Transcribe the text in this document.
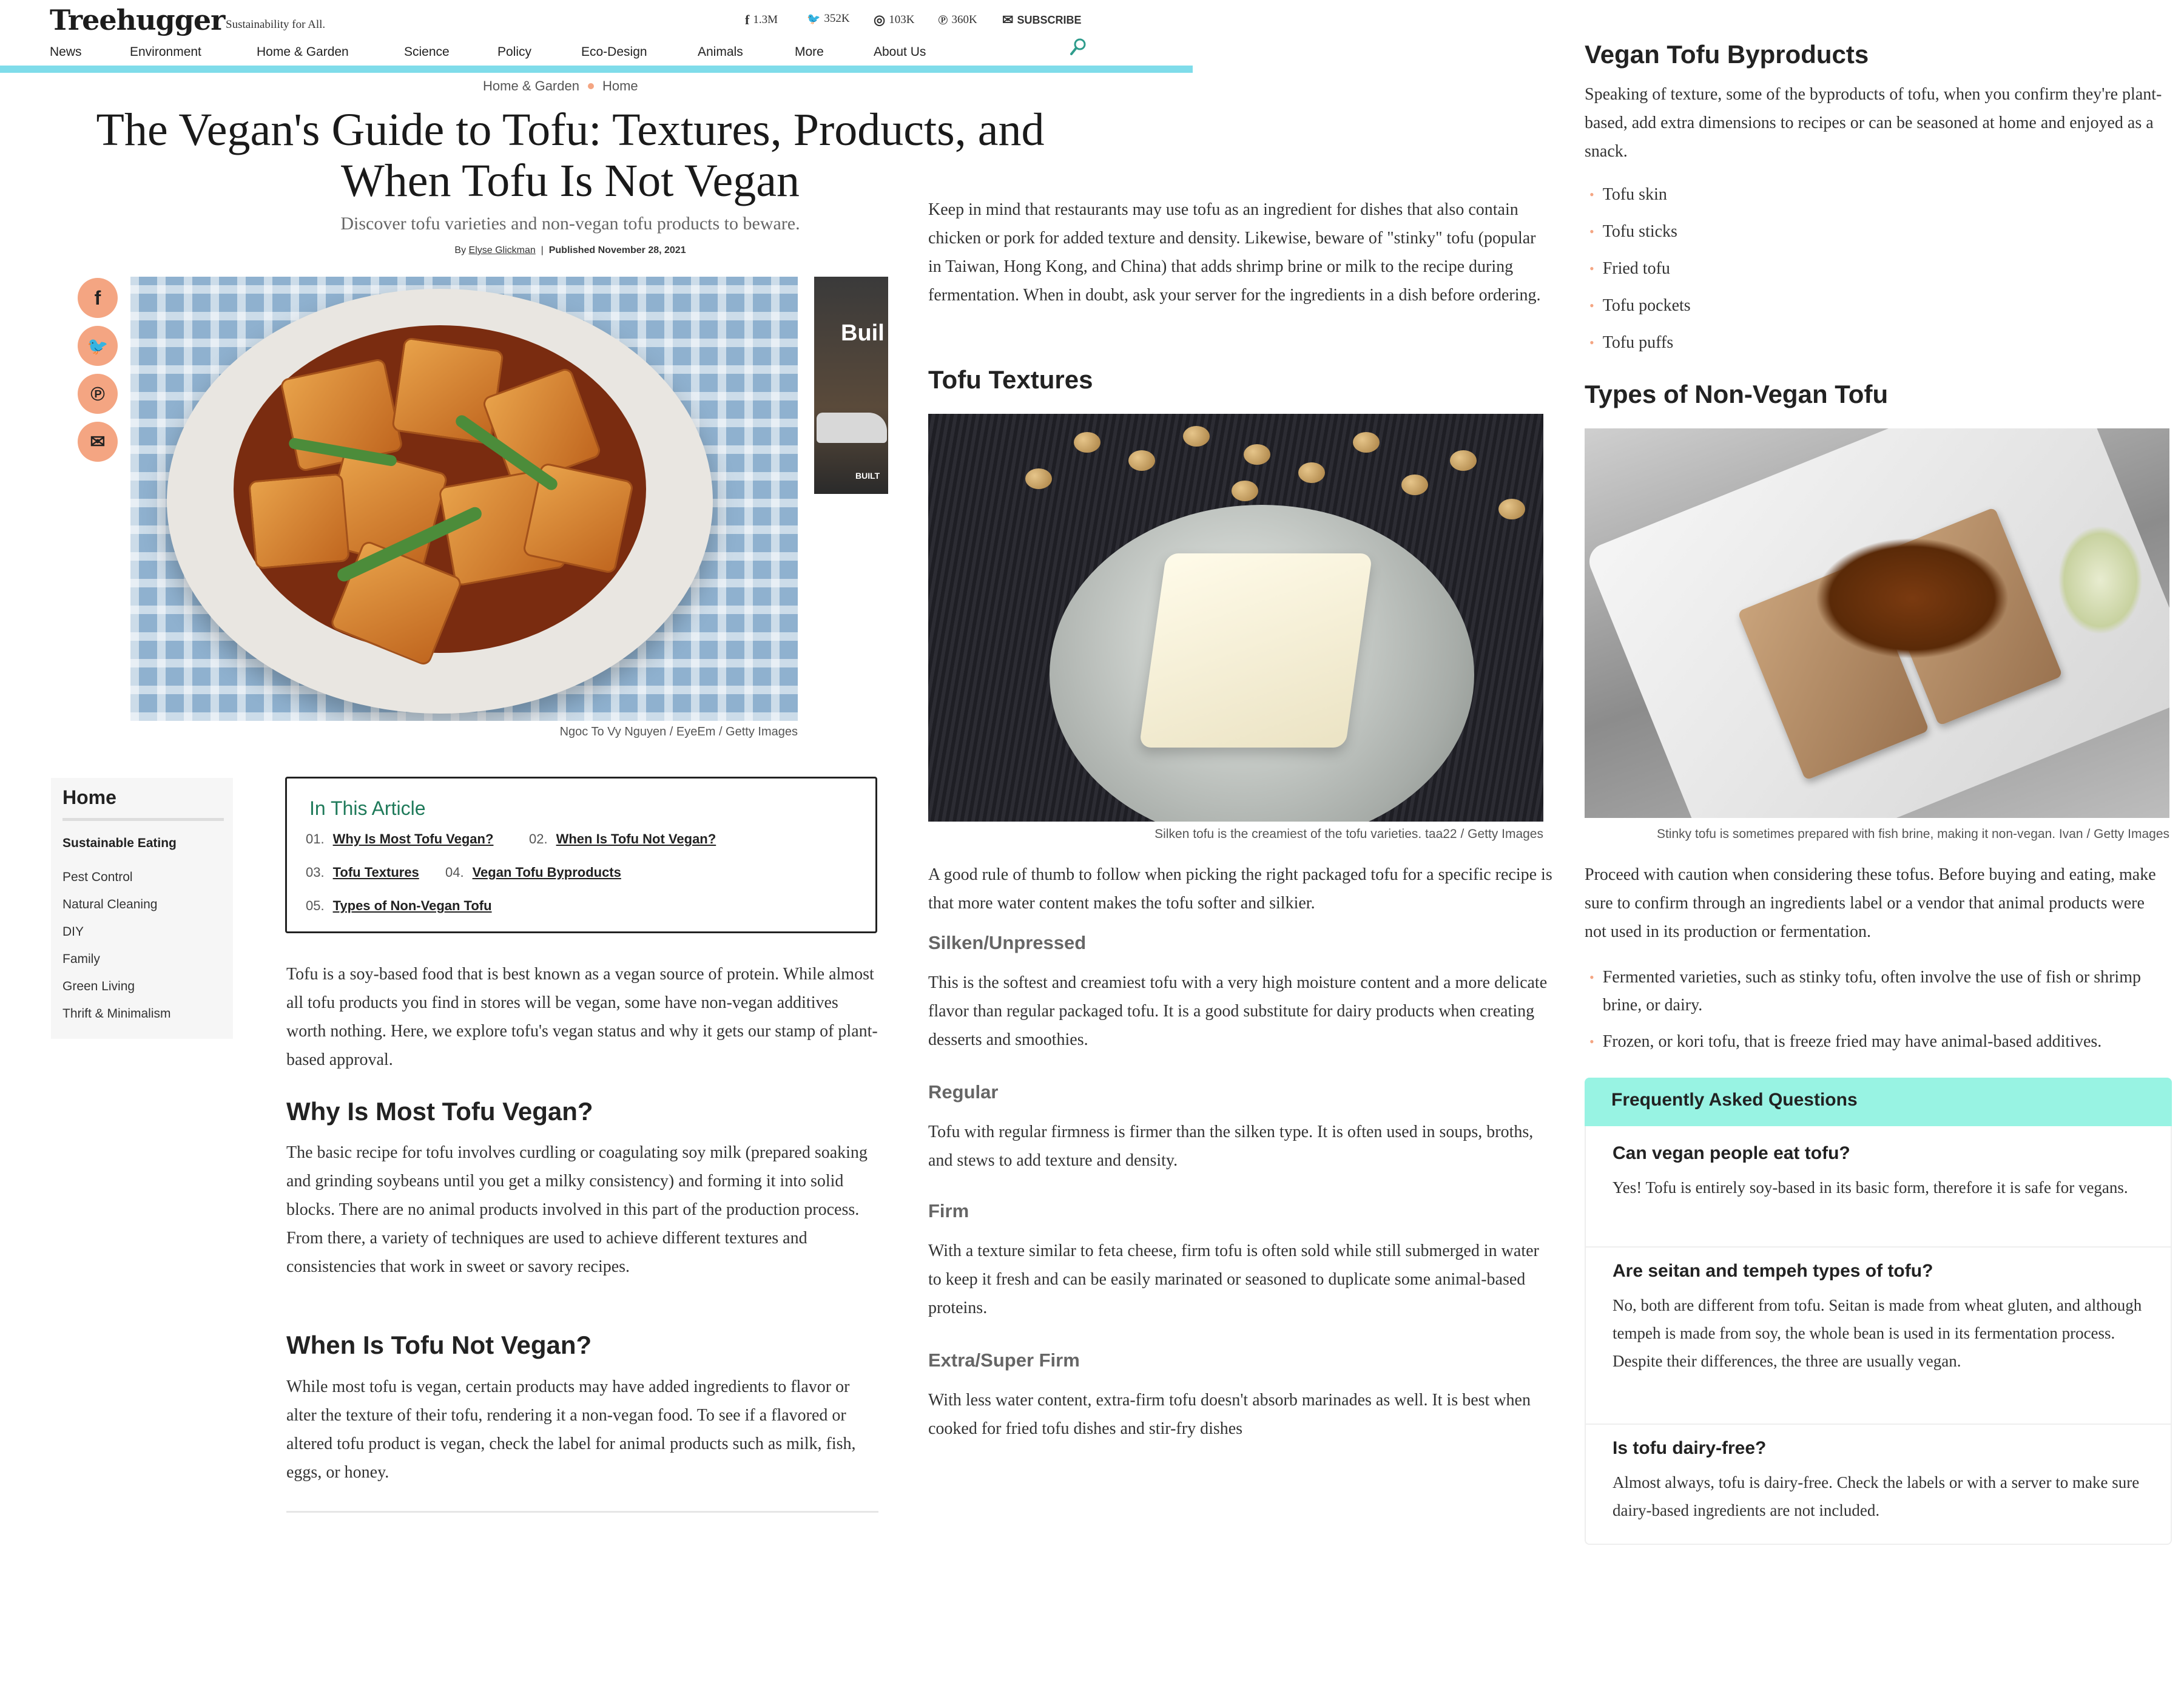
Treehugger Sustainability for All.	f 1.3M	🐦 352K ◎ 103K ℗ 360K ✉ SUBSCRIBE
News	Environment	Home & Garden	Science	Policy	Eco-Design	Animals	More	About Us
Home & Garden Home
The Vegan's Guide to Tofu: Textures, Products, and When Tofu Is Not Vegan
Discover tofu varieties and non-vegan tofu products to beware.
By Elyse Glickman  |  Published November 28, 2021
f
🐦
℗
✉
Ngoc To Vy Nguyen / EyeEm / Getty Images
Buil
BUILT
Home
Sustainable Eating
Pest Control
Natural Cleaning
DIY
Family
Green Living
Thrift & Minimalism
In This Article
01. Why Is Most Tofu Vegan?	02. When Is Tofu Not Vegan?
03. Tofu Textures 04. Vegan Tofu Byproducts
05. Types of Non-Vegan Tofu
Tofu is a soy-based food that is best known as a vegan source of protein. While almost all tofu products you find in stores will be vegan, some have non-vegan additives worth nothing. Here, we explore tofu's vegan status and why it gets our stamp of plant-based approval.
Why Is Most Tofu Vegan?
The basic recipe for tofu involves curdling or coagulating soy milk (prepared soaking and grinding soybeans until you get a milky consistency) and forming it into solid blocks. There are no animal products involved in this part of the production process. From there, a variety of techniques are used to achieve different textures and consistencies that work in sweet or savory recipes.
When Is Tofu Not Vegan?
While most tofu is vegan, certain products may have added ingredients to flavor or alter the texture of their tofu, rendering it a non-vegan food. To see if a flavored or altered tofu product is vegan, check the label for animal products such as milk, fish, eggs, or honey.
Keep in mind that restaurants may use tofu as an ingredient for dishes that also contain chicken or pork for added texture and density. Likewise, beware of "stinky" tofu (popular in Taiwan, Hong Kong, and China) that adds shrimp brine or milk to the recipe during fermentation. When in doubt, ask your server for the ingredients in a dish before ordering.
Tofu Textures
Silken tofu is the creamiest of the tofu varieties. taa22 / Getty Images
A good rule of thumb to follow when picking the right packaged tofu for a specific recipe is that more water content makes the tofu softer and silkier.
Silken/Unpressed
This is the softest and creamiest tofu with a very high moisture content and a more delicate flavor than regular packaged tofu. It is a good substitute for dairy products when creating desserts and smoothies.
Regular
Tofu with regular firmness is firmer than the silken type. It is often used in soups, broths, and stews to add texture and density.
Firm
With a texture similar to feta cheese, firm tofu is often sold while still submerged in water to keep it fresh and can be easily marinated or seasoned to duplicate some animal-based proteins.
Extra/Super Firm
With less water content, extra-firm tofu doesn't absorb marinades as well. It is best when cooked for fried tofu dishes and stir-fry dishes
Vegan Tofu Byproducts
Speaking of texture, some of the byproducts of tofu, when you confirm they're plant-based, add extra dimensions to recipes or can be seasoned at home and enjoyed as a snack.
• Tofu skin
• Tofu sticks
• Fried tofu
• Tofu pockets
• Tofu puffs
Types of Non-Vegan Tofu
Stinky tofu is sometimes prepared with fish brine, making it non-vegan. Ivan / Getty Images
Proceed with caution when considering these tofus. Before buying and eating, make sure to confirm through an ingredients label or a vendor that animal products were not used in its production or fermentation.
• Fermented varieties, such as stinky tofu, often involve the use of fish or shrimp brine, or dairy.
• Frozen, or kori tofu, that is freeze fried may have animal-based additives.
Frequently Asked Questions
Can vegan people eat tofu?
Yes! Tofu is entirely soy-based in its basic form, therefore it is safe for vegans.
Are seitan and tempeh types of tofu?
No, both are different from tofu. Seitan is made from wheat gluten, and although tempeh is made from soy, the whole bean is used in its fermentation process. Despite their differences, the three are usually vegan.
Is tofu dairy-free?
Almost always, tofu is dairy-free. Check the labels or with a server to make sure dairy-based ingredients are not included.
